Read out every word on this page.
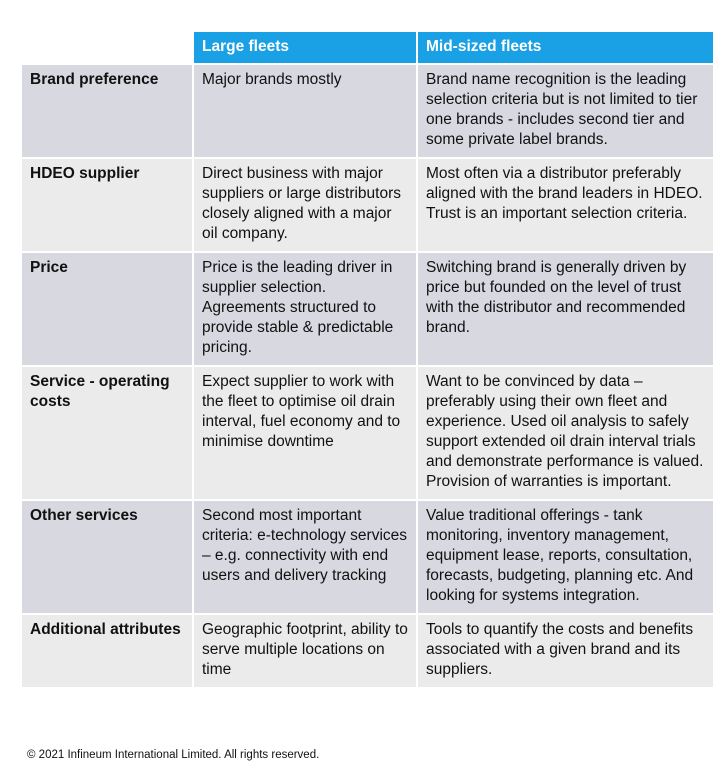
	Large fleets	Mid-sized fleets
Brand preference	Major brands mostly	Brand name recognition is the leading selection criteria but is not limited to tier one brands - includes second tier and some private label brands.
HDEO supplier	Direct business with major suppliers or large distributors closely aligned with a major oil company.	Most often via a distributor preferably aligned with the brand leaders in HDEO. Trust is an important selection criteria.
Price	Price is the leading driver in supplier selection. Agreements structured to provide stable & predictable pricing.	Switching brand is generally driven by price but founded on the level of trust with the distributor and recommended brand.
Service - operating costs	Expect supplier to work with the fleet to optimise oil drain interval, fuel economy and to minimise downtime	Want to be convinced by data – preferably using their own fleet and experience. Used oil analysis to safely support extended oil drain interval trials and demonstrate performance is valued. Provision of warranties is important.
Other services	Second most important criteria: e-technology services – e.g. connectivity with end users and delivery tracking	Value traditional offerings - tank monitoring, inventory management, equipment lease, reports, consultation, forecasts, budgeting, planning etc. And looking for systems integration.
Additional attributes	Geographic footprint, ability to serve multiple locations on time	Tools to quantify the costs and benefits associated with a given brand and its suppliers.
© 2021 Infineum International Limited. All rights reserved.
